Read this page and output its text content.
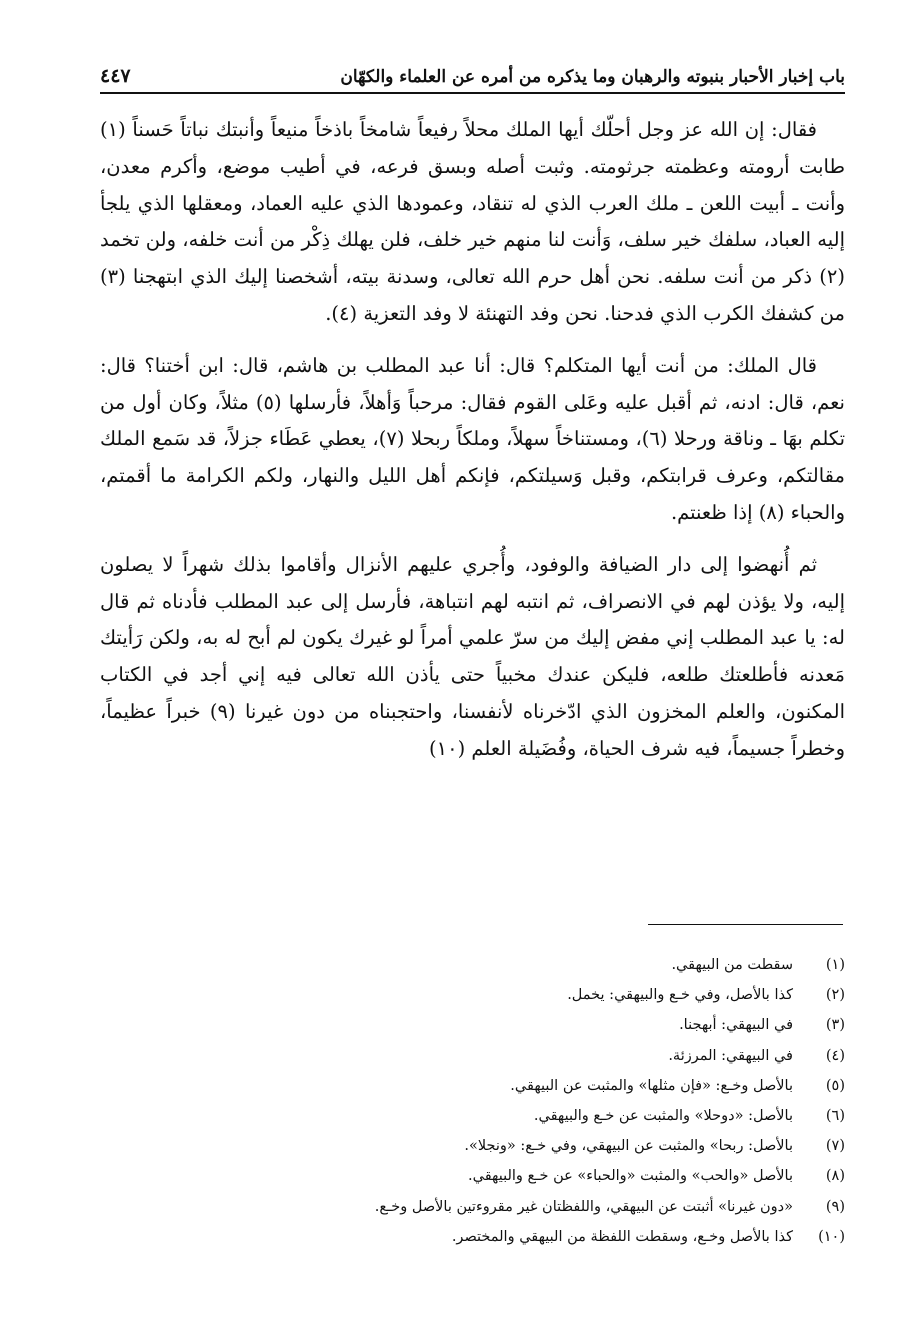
باب إخبار الأحبار بنبوته والرهبان وما يذكره من أمره عن العلماء والكهّان
٤٤٧

فقال: إن الله عز وجل أحلّك أيها الملك محلاً رفيعاً شامخاً باذخاً منيعاً وأنبتك نباتاً حَسناً (١) طابت أرومته وعظمته جرثومته. وثبت أصله وبسق فرعه، في أطيب موضع، وأكرم معدن، وأنت ـ أبيت اللعن ـ ملك العرب الذي له تنقاد، وعمودها الذي عليه العماد، ومعقلها الذي يلجأ إليه العباد، سلفك خير سلف، وَأنت لنا منهم خير خلف، فلن يهلك ذِكْر من أنت خلفه، ولن تخمد (٢) ذكر من أنت سلفه. نحن أهل حرم الله تعالى، وسدنة بيته، أشخصنا إليك الذي ابتهجنا (٣) من كشفك الكرب الذي فدحنا. نحن وفد التهنئة لا وفد التعزية (٤).

قال الملك: من أنت أيها المتكلم؟ قال: أنا عبد المطلب بن هاشم، قال: ابن أختنا؟ قال: نعم، قال: ادنه، ثم أقبل عليه وعَلى القوم فقال: مرحباً وَأهلاً، فأرسلها (٥) مثلاً، وكان أول من تكلم بهَا ـ وناقة ورحلا (٦)، ومستناخاً سهلاً، وملكاً ربحلا (٧)، يعطي عَطَاء جزلاً، قد سَمع الملك مقالتكم، وعرف قرابتكم، وقبل وَسيلتكم، فإنكم أهل الليل والنهار، ولكم الكرامة ما أقمتم، والحباء (٨) إذا ظعنتم.

ثم أُنهضوا إلى دار الضيافة والوفود، وأُجري عليهم الأنزال وأقاموا بذلك شهراً لا يصلون إليه، ولا يؤذن لهم في الانصراف، ثم انتبه لهم انتباهة، فأرسل إلى عبد المطلب فأدناه ثم قال له: يا عبد المطلب إني مفض إليك من سرّ علمي أمراً لو غيرك يكون لم أبح له به، ولكن رَأيتك مَعدنه فأطلعتك طلعه، فليكن عندك مخبياً حتى يأذن الله تعالى فيه إني أجد في الكتاب المكنون، والعلم المخزون الذي ادّخرناه لأنفسنا، واحتجبناه من دون غيرنا (٩) خبراً عظيماً، وخطراً جسيماً، فيه شرف الحياة، وفُضَيلة العلم (١٠)

(١)
سقطت من البيهقي.
(٢)
كذا بالأصل، وفي خـع والبيهقي: يخمل.
(٣)
في البيهقي: أبهجنا.
(٤)
في البيهقي: المرزئة.
(٥)
بالأصل وخـع: «فإن مثلها» والمثبت عن البيهقي.
(٦)
بالأصل: «دوحلا» والمثبت عن خـع والبيهقي.
(٧)
بالأصل: ربحا» والمثبت عن البيهقي، وفي خـع: «ونجلا».
(٨)
بالأصل «والحب» والمثبت «والحباء» عن خـع والبيهقي.
(٩)
«دون غيرنا» أثبتت عن البيهقي، واللفظتان غير مقروءتين بالأصل وخـع.
(١٠)
كذا بالأصل وخـع، وسقطت اللفظة من البيهقي والمختصر.
